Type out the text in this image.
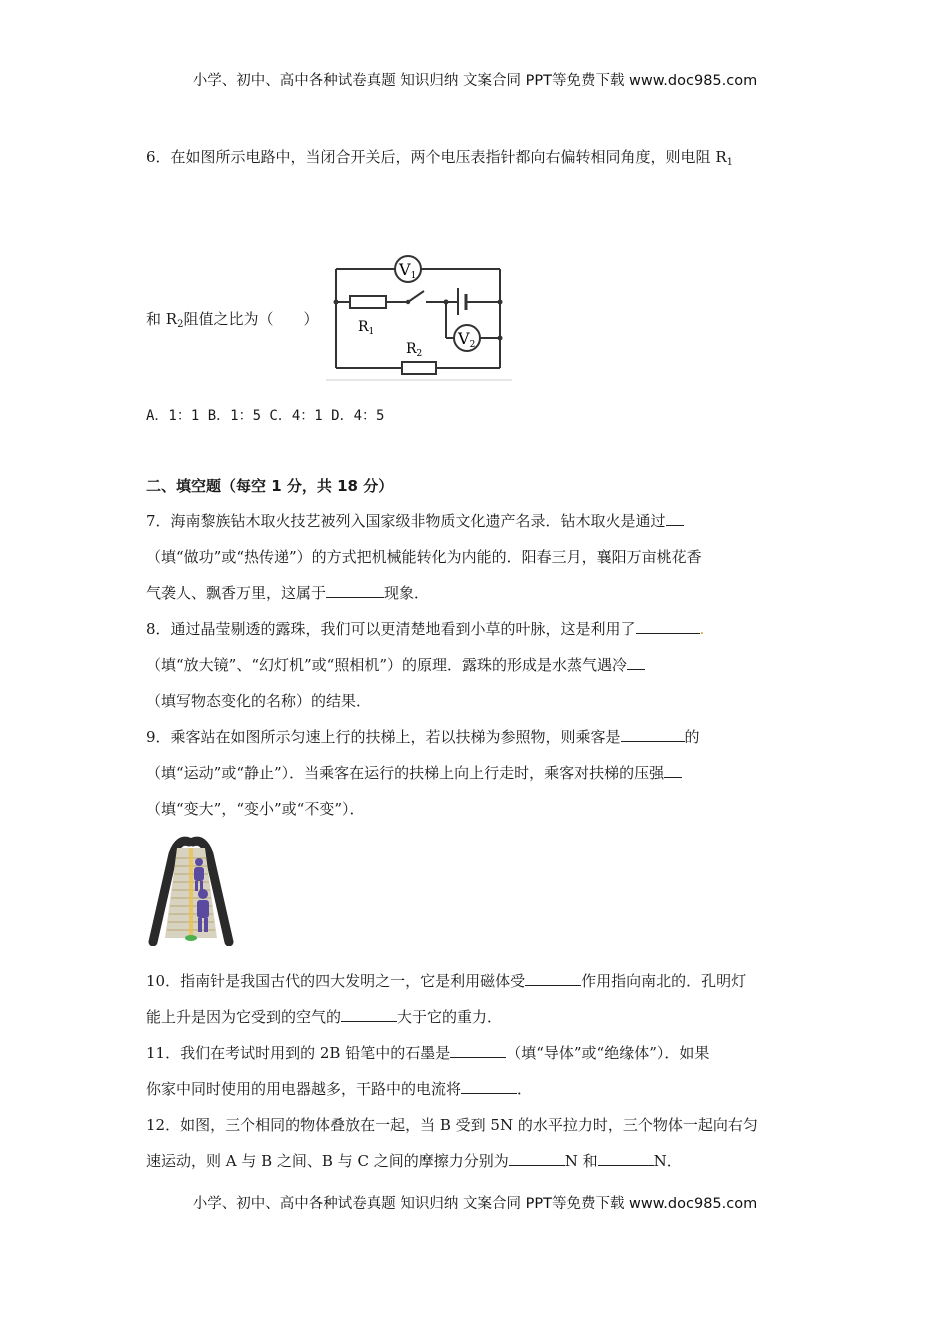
小学、初中、高中各种试卷真题 知识归纳 文案合同 PPT等免费下载 www.doc985.com
6．在如图所示电路中，当闭合开关后，两个电压表指针都向右偏转相同角度，则电阻 $R_1$
V2
V1
$R_1$
$R_2$
和 $R_2$阻值之比为（　　）
A．1：1 B．1：5 C．4：1 D．4：5
二、填空题（每空 1 分，共 18 分）
7．海南黎族钻木取火技艺被列入国家级非物质文化遗产名录．钻木取火是通过
（填“做功”或“热传递”）的方式把机械能转化为内能的．阳春三月，襄阳万亩桃花香
气袭人、飘香万里，这属于	现象．
8．通过晶莹剔透的露珠，我们可以更清楚地看到小草的叶脉，这是利用了	.
（填“放大镜”、“幻灯机”或“照相机”）的原理．露珠的形成是水蒸气遇冷
（填写物态变化的名称）的结果．
9．乘客站在如图所示匀速上行的扶梯上，若以扶梯为参照物，则乘客是	的
（填“运动”或“静止”）．当乘客在运行的扶梯上向上行走时，乘客对扶梯的压强
（填“变大”，“变小”或“不变”）．
10．指南针是我国古代的四大发明之一，它是利用磁体受	作用指向南北的．孔明灯
能上升是因为它受到的空气的	大于它的重力．
11．我们在考试时用到的 2B 铅笔中的石墨是	（填“导体”或“绝缘体”）．如果
你家中同时使用的用电器越多，干路中的电流将	．
12．如图，三个相同的物体叠放在一起，当 B 受到 5N 的水平拉力时，三个物体一起向右匀
速运动，则 A 与 B 之间、B 与 C 之间的摩擦力分别为	N 和	N．
小学、初中、高中各种试卷真题 知识归纳 文案合同 PPT等免费下载 www.doc985.com
